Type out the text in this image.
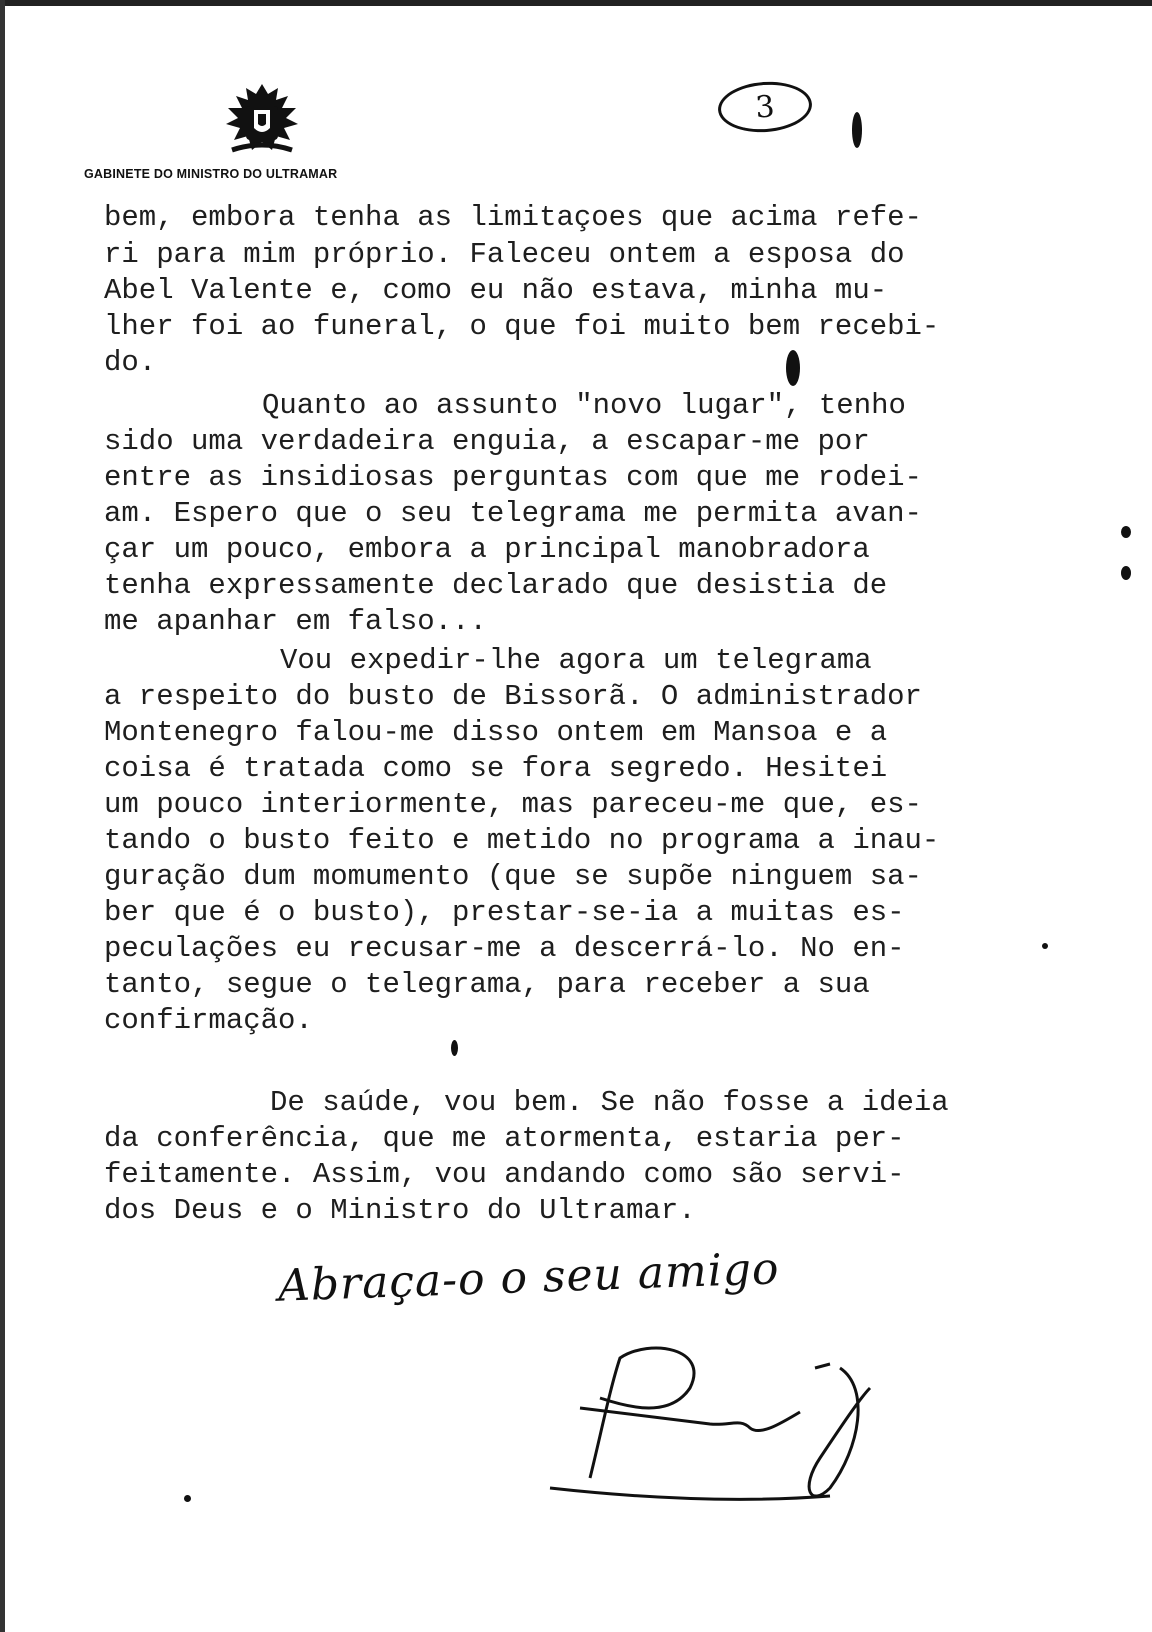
GABINETE DO MINISTRO DO ULTRAMAR
3
bem, embora tenha as limitaçoes que acima refe-
ri para mim próprio. Faleceu ontem a esposa do
Abel Valente e, como eu não estava, minha mu-
lher foi ao funeral, o que foi muito bem recebi-
do.
Quanto ao assunto "novo lugar", tenho
sido uma verdadeira enguia, a escapar-me por
entre as insidiosas perguntas com que me rodei-
am. Espero que o seu telegrama me permita avan-
çar um pouco, embora a principal manobradora
tenha expressamente declarado que desistia de
me apanhar em falso...
Vou expedir-lhe agora um telegrama
a respeito do busto de Bissorã. O administrador
Montenegro falou-me disso ontem em Mansoa e a
coisa é tratada como se fora segredo. Hesitei
um pouco interiormente, mas pareceu-me que, es-
tando o busto feito e metido no programa a inau-
guração dum momumento (que se supõe ninguem sa-
ber que é o busto), prestar-se-ia a muitas es-
peculações eu recusar-me a descerrá-lo. No en-
tanto, segue o telegrama, para receber a sua
confirmação.
De saúde, vou bem. Se não fosse a ideia
da conferência, que me atormenta, estaria per-
feitamente. Assim, vou andando como são servi-
dos Deus e o Ministro do Ultramar.
Abraça-o o seu amigo
